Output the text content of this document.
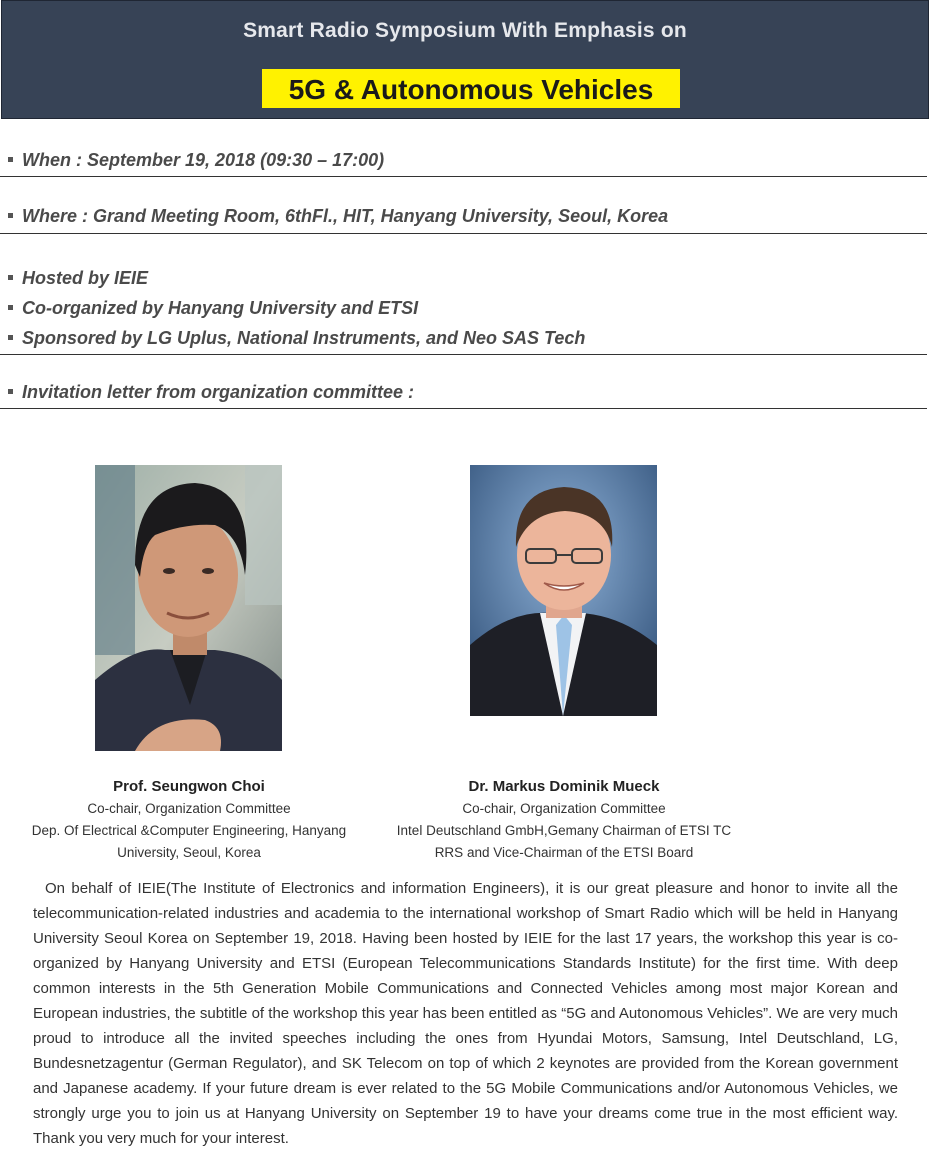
Smart Radio Symposium With Emphasis on
5G & Autonomous Vehicles
When : September 19, 2018 (09:30 – 17:00)
Where : Grand Meeting Room, 6thFl., HIT, Hanyang University, Seoul, Korea
Hosted by IEIE
Co-organized by Hanyang University and ETSI
Sponsored by LG Uplus, National Instruments, and Neo SAS Tech
Invitation letter from organization committee :
Prof. Seungwon Choi
Co-chair, Organization Committee
Dep. Of Electrical &Computer Engineering, Hanyang
University, Seoul, Korea
Dr. Markus Dominik Mueck
Co-chair, Organization Committee
Intel Deutschland GmbH,Gemany Chairman of ETSI TC
RRS and Vice-Chairman of the ETSI Board
On behalf of IEIE(The Institute of Electronics and information Engineers), it is our great pleasure and honor to invite all the telecommunication-related industries and academia to the international workshop of Smart Radio which will be held in Hanyang University Seoul Korea on September 19, 2018. Having been hosted by IEIE for the last 17 years, the workshop this year is co-organized by Hanyang University and ETSI (European Telecommunications Standards Institute) for the first time. With deep common interests in the 5th Generation Mobile Communications and Connected Vehicles among most major Korean and European industries, the subtitle of the workshop this year has been entitled as “5G and Autonomous Vehicles”. We are very much proud to introduce all the invited speeches including the ones from Hyundai Motors, Samsung, Intel Deutschland, LG, Bundesnetzagentur (German Regulator), and SK Telecom on top of which 2 keynotes are provided from the Korean government and Japanese academy. If your future dream is ever related to the 5G Mobile Communications and/or Autonomous Vehicles, we strongly urge you to join us at Hanyang University on September 19 to have your dreams come true in the most efficient way. Thank you very much for your interest.
